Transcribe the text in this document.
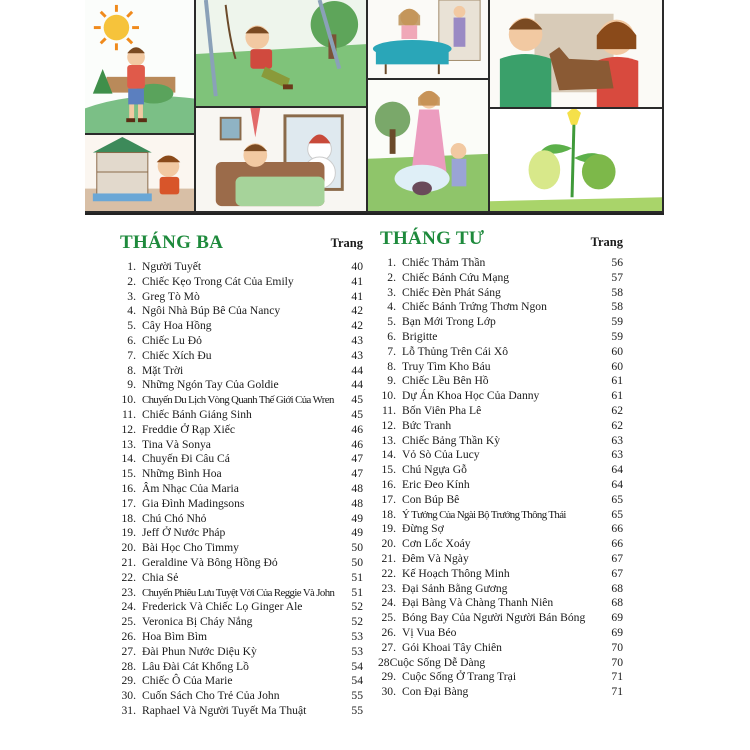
THÁNG BA	Trang
1. Người Tuyết	40
2. Chiếc Kẹo Trong Cát Của Emily	41
3. Greg Tò Mò	41
4. Ngôi Nhà Búp Bê Của Nancy	42
5. Cây Hoa Hồng	42
6. Chiếc Lu Đỏ	43
7. Chiếc Xích Đu	43
8. Mặt Trời	44
9. Những Ngón Tay Của Goldie	44
10. Chuyến Du Lịch Vòng Quanh Thế Giới Của Wren 45
11. Chiếc Bánh Giáng Sinh	45
12. Freddie Ở Rạp Xiếc	46
13. Tina Và Sonya	46
14. Chuyến Đi Câu Cá	47
15. Những Bình Hoa	47
16. Âm Nhạc Của Maria	48
17. Gia Đình Madingsons	48
18. Chú Chó Nhỏ	49
19. Jeff Ở Nước Pháp	49
20. Bài Học Cho Timmy	50
21. Geraldine Và Bông Hồng Đỏ	50
22. Chia Sẻ	51
23. Chuyến Phiêu Lưu Tuyệt Vời Của Reggie Và John 51
24. Frederick Và Chiếc Lọ Ginger Ale	52
25. Veronica Bị Cháy Nắng	52
26. Hoa Bìm Bìm	53
27. Đài Phun Nước Diệu Kỳ	53
28. Lâu Đài Cát Khổng Lồ	54
29. Chiếc Ô Của Marie	54
30. Cuốn Sách Cho Trẻ Của John	55
31. Raphael Và Người Tuyết Ma Thuật	55
THÁNG TƯ	Trang
1. Chiếc Thảm Thần	56
2. Chiếc Bánh Cứu Mạng	57
3. Chiếc Đèn Phát Sáng	58
4. Chiếc Bánh Trứng Thơm Ngon	58
5. Bạn Mới Trong Lớp	59
6. Brigitte	59
7. Lỗ Thủng Trên Cái Xô	60
8. Truy Tìm Kho Báu	60
9. Chiếc Lều Bên Hồ	61
10. Dự Án Khoa Học Của Danny	61
11. Bốn Viên Pha Lê	62
12. Bức Tranh	62
13. Chiếc Bảng Thần Kỳ	63
14. Vỏ Sò Của Lucy	63
15. Chú Ngựa Gỗ	64
16. Eric Đeo Kính	64
17. Con Búp Bê	65
18. Ý Tưởng Của Ngài Bộ Trưởng Thông Thái	65
19. Đừng Sợ	66
20. Cơn Lốc Xoáy	66
21. Đêm Và Ngày	67
22. Kế Hoạch Thông Minh	67
23. Đại Sảnh Bằng Gương	68
24. Đại Bàng Và Chàng Thanh Niên	68
25. Bóng Bay Của Người Người Bán Bóng 69
26. Vị Vua Béo	69
27. Gói Khoai Tây Chiên	70
28Cuộc Sống Dễ Dàng	70
29. Cuộc Sống Ở Trang Trại	71
30. Con Đại Bàng	71
